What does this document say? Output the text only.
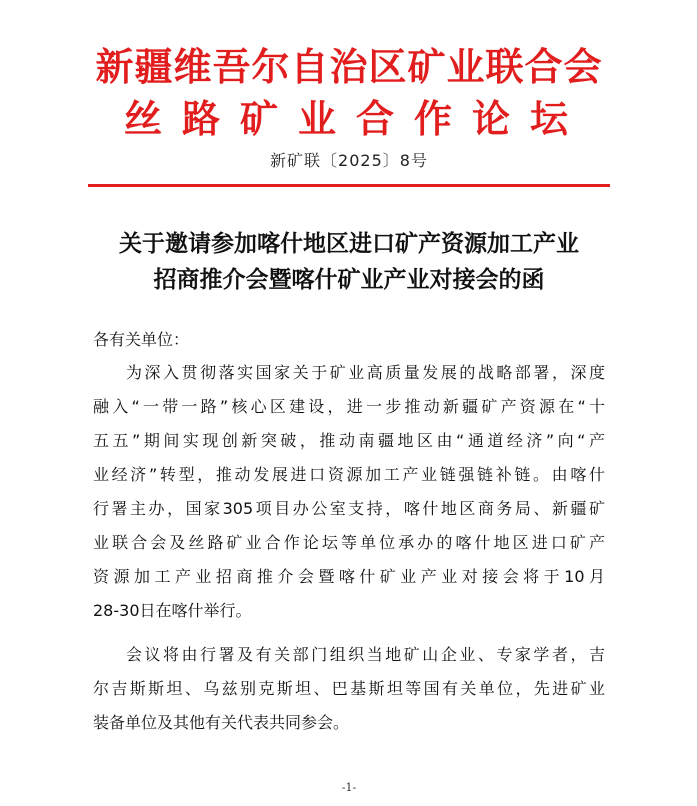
新疆维吾尔自治区矿业联合会
丝路矿业合作论坛
新矿联〔2025〕8号
关于邀请参加喀什地区进口矿产资源加工产业
招商推介会暨喀什矿业产业对接会的函
各有关单位：
为深入贯彻落实国家关于矿业高质量发展的战略部署，深度
融入“一带一路”核心区建设，进一步推动新疆矿产资源在“十
五五”期间实现创新突破，推动南疆地区由“通道经济”向“产
业经济”转型，推动发展进口资源加工产业链强链补链。由喀什
行署主办，国家305项目办公室支持，喀什地区商务局、新疆矿
业联合会及丝路矿业合作论坛等单位承办的喀什地区进口矿产
资源加工产业招商推介会暨喀什矿业产业对接会将于10月
28-30日在喀什举行。
会议将由行署及有关部门组织当地矿山企业、专家学者，吉
尔吉斯斯坦、乌兹别克斯坦、巴基斯坦等国有关单位，先进矿业
装备单位及其他有关代表共同参会。
-1-
